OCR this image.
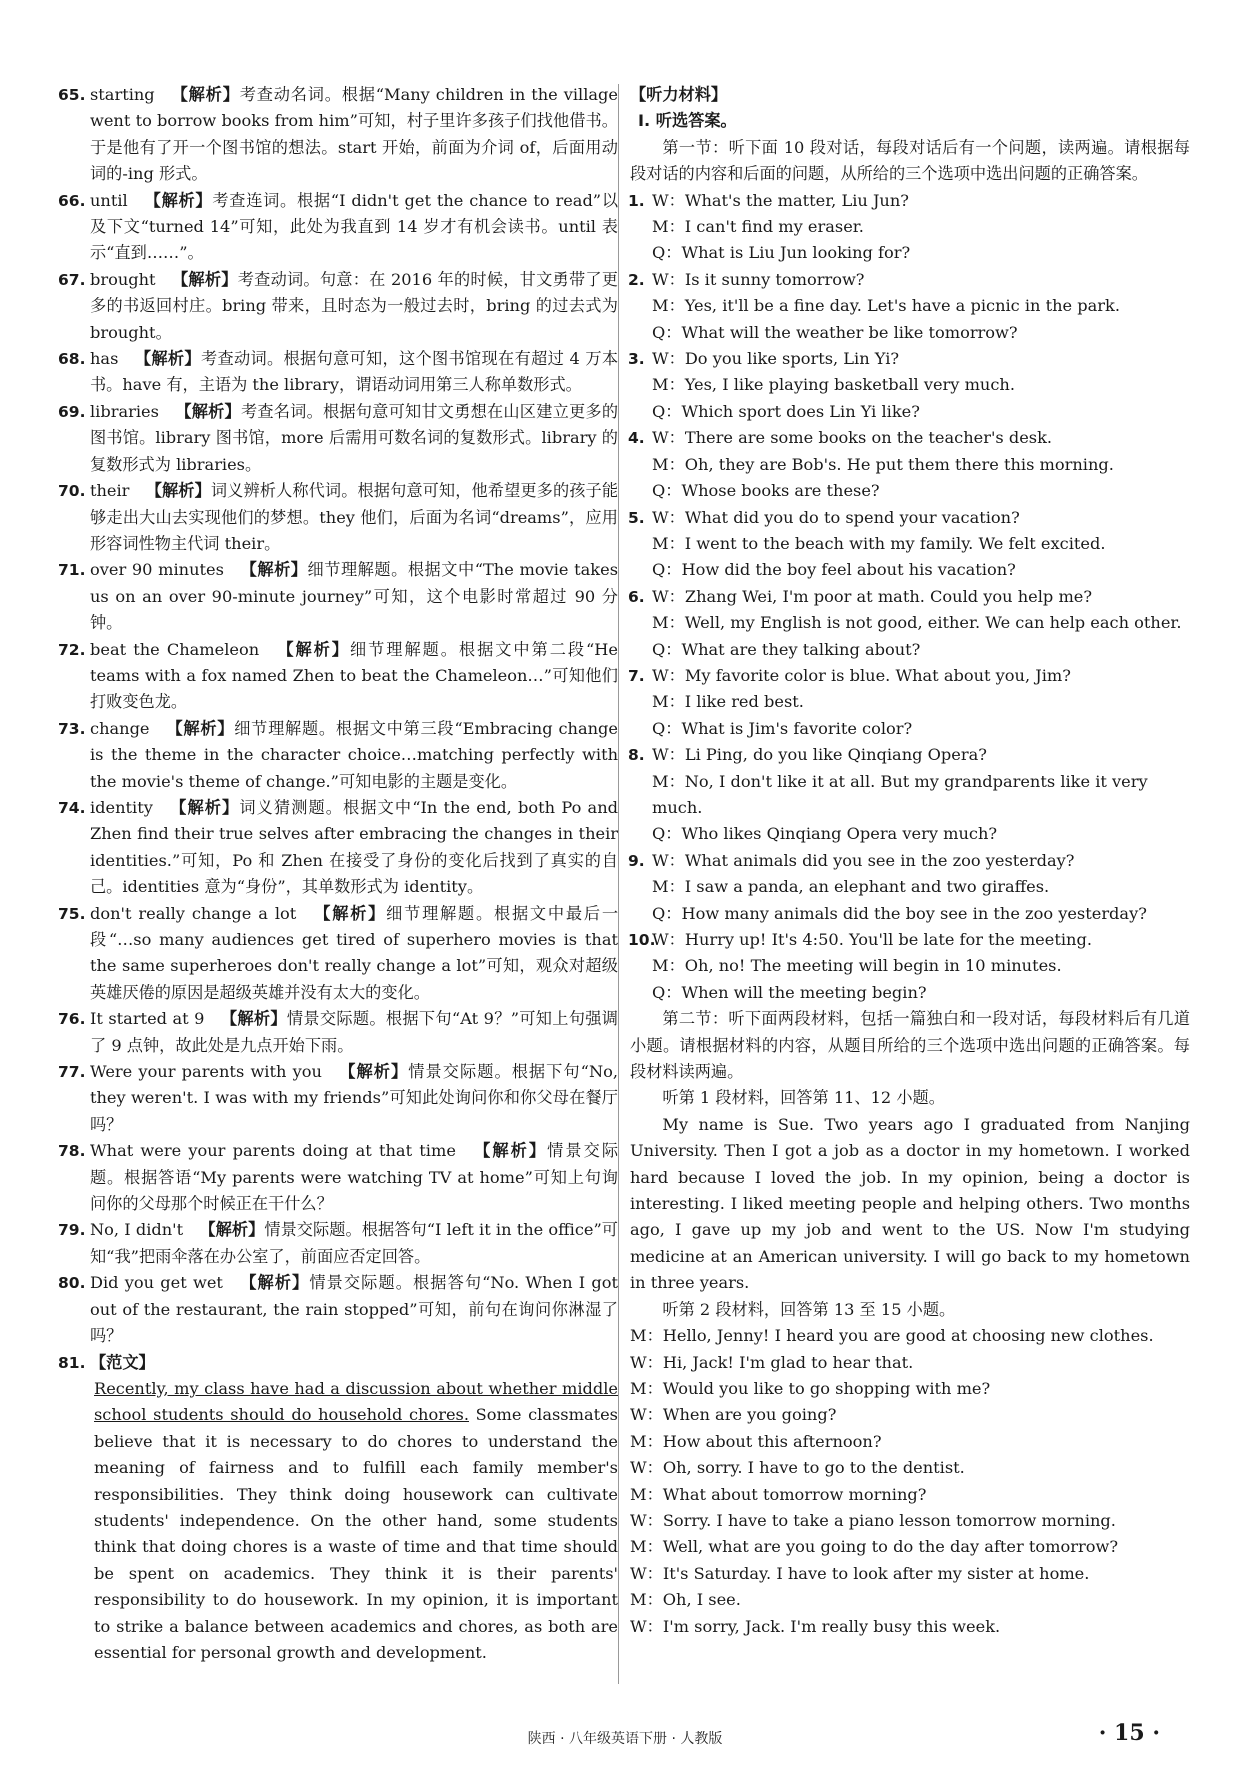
65. starting  【解析】考查动名词。根据“Many children in the village went to borrow books from him”可知，村子里许多孩子们找他借书。于是他有了开一个图书馆的想法。start 开始，前面为介词 of，后面用动词的-ing 形式。

66. until  【解析】考查连词。根据“I didn't get the chance to read”以及下文“turned 14”可知，此处为我直到 14 岁才有机会读书。until 表示“直到……”。

67. brought  【解析】考查动词。句意：在 2016 年的时候，甘文勇带了更多的书返回村庄。bring 带来，且时态为一般过去时，bring 的过去式为 brought。

68. has  【解析】考查动词。根据句意可知，这个图书馆现在有超过 4 万本书。have 有，主语为 the library，谓语动词用第三人称单数形式。

69. libraries  【解析】考查名词。根据句意可知甘文勇想在山区建立更多的图书馆。library 图书馆，more 后需用可数名词的复数形式。library 的复数形式为 libraries。

70. their  【解析】词义辨析人称代词。根据句意可知，他希望更多的孩子能够走出大山去实现他们的梦想。they 他们，后面为名词“dreams”，应用形容词性物主代词 their。

71. over 90 minutes  【解析】细节理解题。根据文中“The movie takes us on an over 90-minute journey”可知，这个电影时常超过 90 分钟。

72. beat the Chameleon  【解析】细节理解题。根据文中第二段“He teams with a fox named Zhen to beat the Chameleon…”可知他们打败变色龙。

73. change  【解析】细节理解题。根据文中第三段“Embracing change is the theme in the character choice…matching perfectly with the movie's theme of change.”可知电影的主题是变化。

74. identity  【解析】词义猜测题。根据文中“In the end, both Po and Zhen find their true selves after embracing the changes in their identities.”可知，Po 和 Zhen 在接受了身份的变化后找到了真实的自己。identities 意为“身份”，其单数形式为 identity。

75. don't really change a lot  【解析】细节理解题。根据文中最后一段“…so many audiences get tired of superhero movies is that the same superheroes don't really change a lot”可知，观众对超级英雄厌倦的原因是超级英雄并没有太大的变化。

76. It started at 9  【解析】情景交际题。根据下句“At 9？”可知上句强调了 9 点钟，故此处是九点开始下雨。

77. Were your parents with you  【解析】情景交际题。根据下句“No, they weren't. I was with my friends”可知此处询问你和你父母在餐厅吗？

78. What were your parents doing at that time  【解析】情景交际题。根据答语“My parents were watching TV at home”可知上句询问你的父母那个时候正在干什么？

79. No, I didn't  【解析】情景交际题。根据答句“I left it in the office”可知“我”把雨伞落在办公室了，前面应否定回答。

80. Did you get wet  【解析】情景交际题。根据答句“No. When I got out of the restaurant, the rain stopped”可知，前句在询问你淋湿了吗？

81. 【范文】

Recently, my class have had a discussion about whether middle school students should do household chores. Some classmates believe that it is necessary to do chores to understand the meaning of fairness and to fulfill each family member's responsibilities. They think doing housework can cultivate students' independence. On the other hand, some students think that doing chores is a waste of time and that time should be spent on academics. They think it is their parents' responsibility to do housework. In my opinion, it is important to strike a balance between academics and chores, as both are essential for personal growth and development.

【听力材料】

Ⅰ. 听选答案。

第一节：听下面 10 段对话，每段对话后有一个问题，读两遍。请根据每段对话的内容和后面的问题，从所给的三个选项中选出问题的正确答案。

1. W：What's the matter, Liu Jun?

M：I can't find my eraser.

Q：What is Liu Jun looking for?

2. W：Is it sunny tomorrow?

M：Yes, it'll be a fine day. Let's have a picnic in the park.

Q：What will the weather be like tomorrow?

3. W：Do you like sports, Lin Yi?

M：Yes, I like playing basketball very much.

Q：Which sport does Lin Yi like?

4. W：There are some books on the teacher's desk.

M：Oh, they are Bob's. He put them there this morning.

Q：Whose books are these?

5. W：What did you do to spend your vacation?

M：I went to the beach with my family. We felt excited.

Q：How did the boy feel about his vacation?

6. W：Zhang Wei, I'm poor at math. Could you help me?

M：Well, my English is not good, either. We can help each other.

Q：What are they talking about?

7. W：My favorite color is blue. What about you, Jim?

M：I like red best.

Q：What is Jim's favorite color?

8. W：Li Ping, do you like Qinqiang Opera?

M：No, I don't like it at all. But my grandparents like it very much.

Q：Who likes Qinqiang Opera very much?

9. W：What animals did you see in the zoo yesterday?

M：I saw a panda, an elephant and two giraffes.

Q：How many animals did the boy see in the zoo yesterday?

10.

W：Hurry up! It's 4:50. You'll be late for the meeting.

M：Oh, no! The meeting will begin in 10 minutes.

Q：When will the meeting begin?

第二节：听下面两段材料，包括一篇独白和一段对话，每段材料后有几道小题。请根据材料的内容，从题目所给的三个选项中选出问题的正确答案。每段材料读两遍。

听第 1 段材料，回答第 11、12 小题。

My name is Sue. Two years ago I graduated from Nanjing University. Then I got a job as a doctor in my hometown. I worked hard because I loved the job. In my opinion, being a doctor is interesting. I liked meeting people and helping others. Two months ago, I gave up my job and went to the US. Now I'm studying medicine at an American university. I will go back to my hometown in three years.

听第 2 段材料，回答第 13 至 15 小题。

M：Hello, Jenny! I heard you are good at choosing new clothes.

W：Hi, Jack! I'm glad to hear that.

M：Would you like to go shopping with me?

W：When are you going?

M：How about this afternoon?

W：Oh, sorry. I have to go to the dentist.

M：What about tomorrow morning?

W：Sorry. I have to take a piano lesson tomorrow morning.

M：Well, what are you going to do the day after tomorrow?

W：It's Saturday. I have to look after my sister at home.

M：Oh, I see.

W：I'm sorry, Jack. I'm really busy this week.

陕西 · 八年级英语下册 · 人教版	· 15 ·
